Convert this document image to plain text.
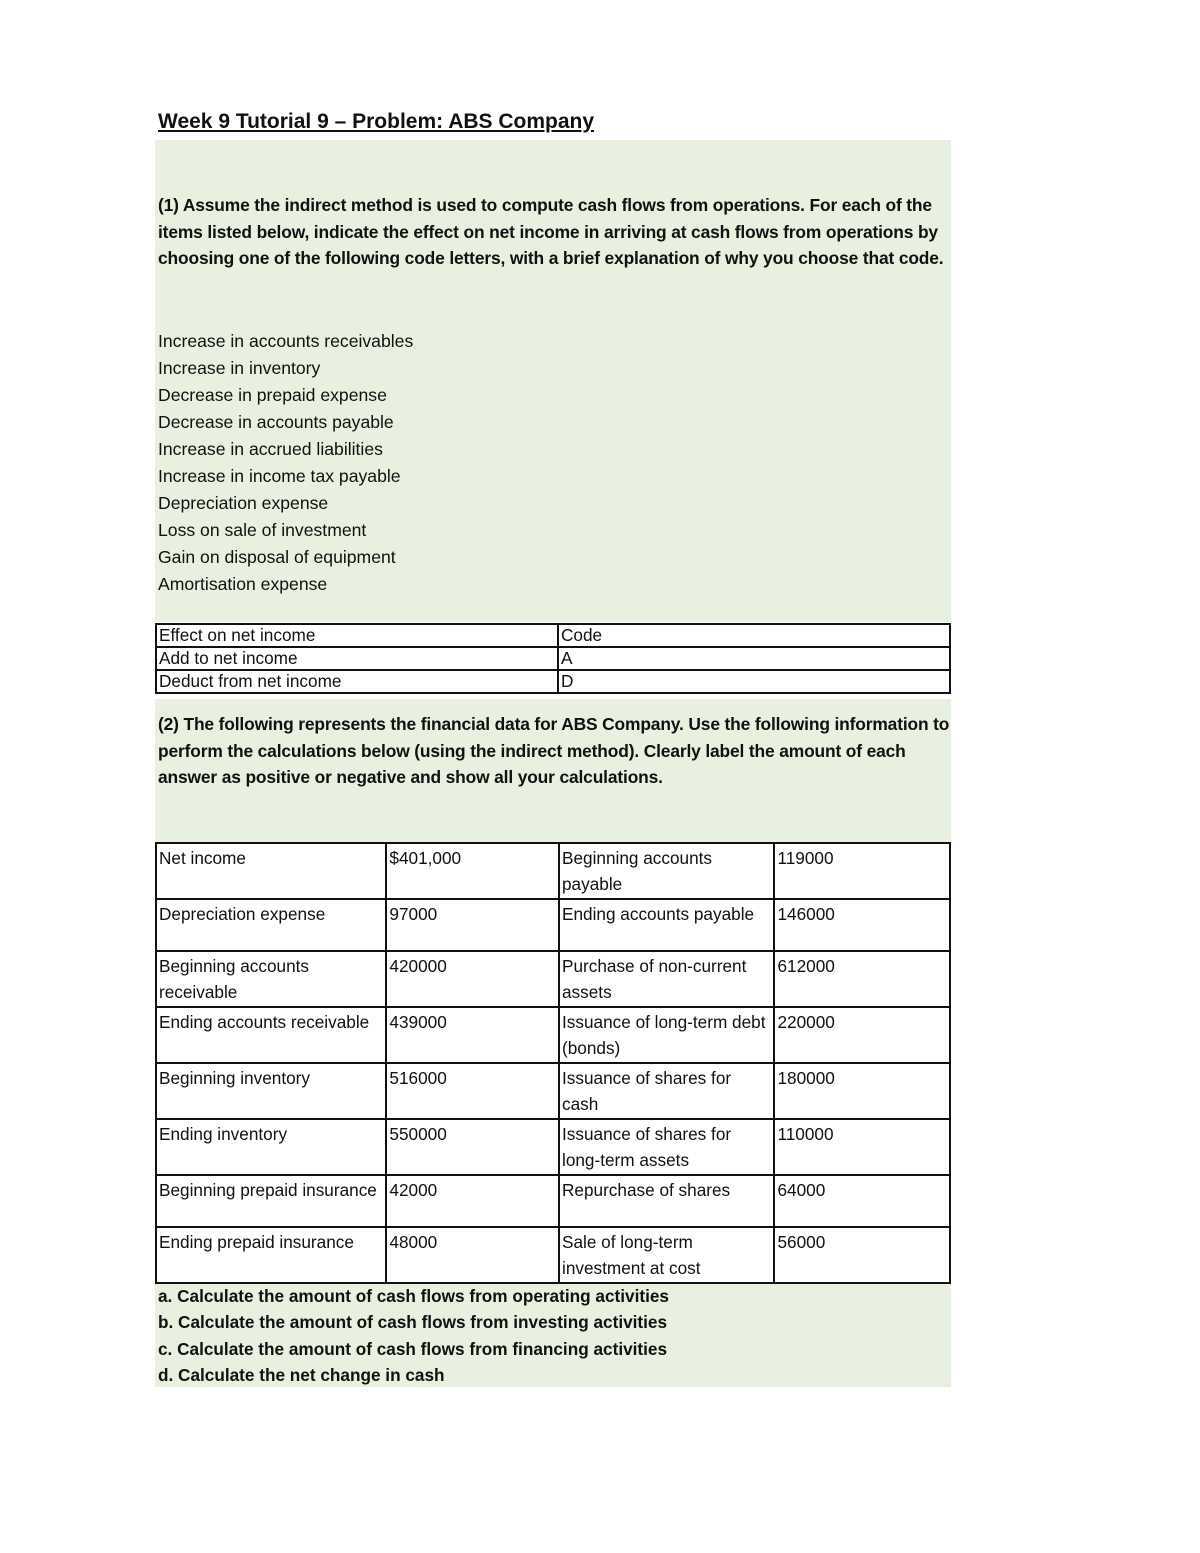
Week 9 Tutorial 9 – Problem: ABS Company
(1) Assume the indirect method is used to compute cash flows from operations. For each of the items listed below, indicate the effect on net income in arriving at cash flows from operations by choosing one of the following code letters, with a brief explanation of why you choose that code.
Increase in accounts receivables
Increase in inventory
Decrease in prepaid expense
Decrease in accounts payable
Increase in accrued liabilities
Increase in income tax payable
Depreciation expense
Loss on sale of investment
Gain on disposal of equipment
Amortisation expense
Effect on net income	Code
Add to net income	A
Deduct from net income	D
(2) The following represents the financial data for ABS Company. Use the following information to perform the calculations below (using the indirect method). Clearly label the amount of each answer as positive or negative and show all your calculations.
Net income	$401,000	Beginning accounts payable	119000
Depreciation expense	97000	Ending accounts payable	146000
Beginning accounts receivable	420000	Purchase of non-current assets	612000
Ending accounts receivable	439000	Issuance of long-term debt (bonds)	220000
Beginning inventory	516000	Issuance of shares for cash	180000
Ending inventory	550000	Issuance of shares for long-term assets	110000
Beginning prepaid insurance	42000	Repurchase of shares	64000
Ending prepaid insurance	48000	Sale of long-term investment at cost	56000
a. Calculate the amount of cash flows from operating activities
b. Calculate the amount of cash flows from investing activities
c. Calculate the amount of cash flows from financing activities
d. Calculate the net change in cash
